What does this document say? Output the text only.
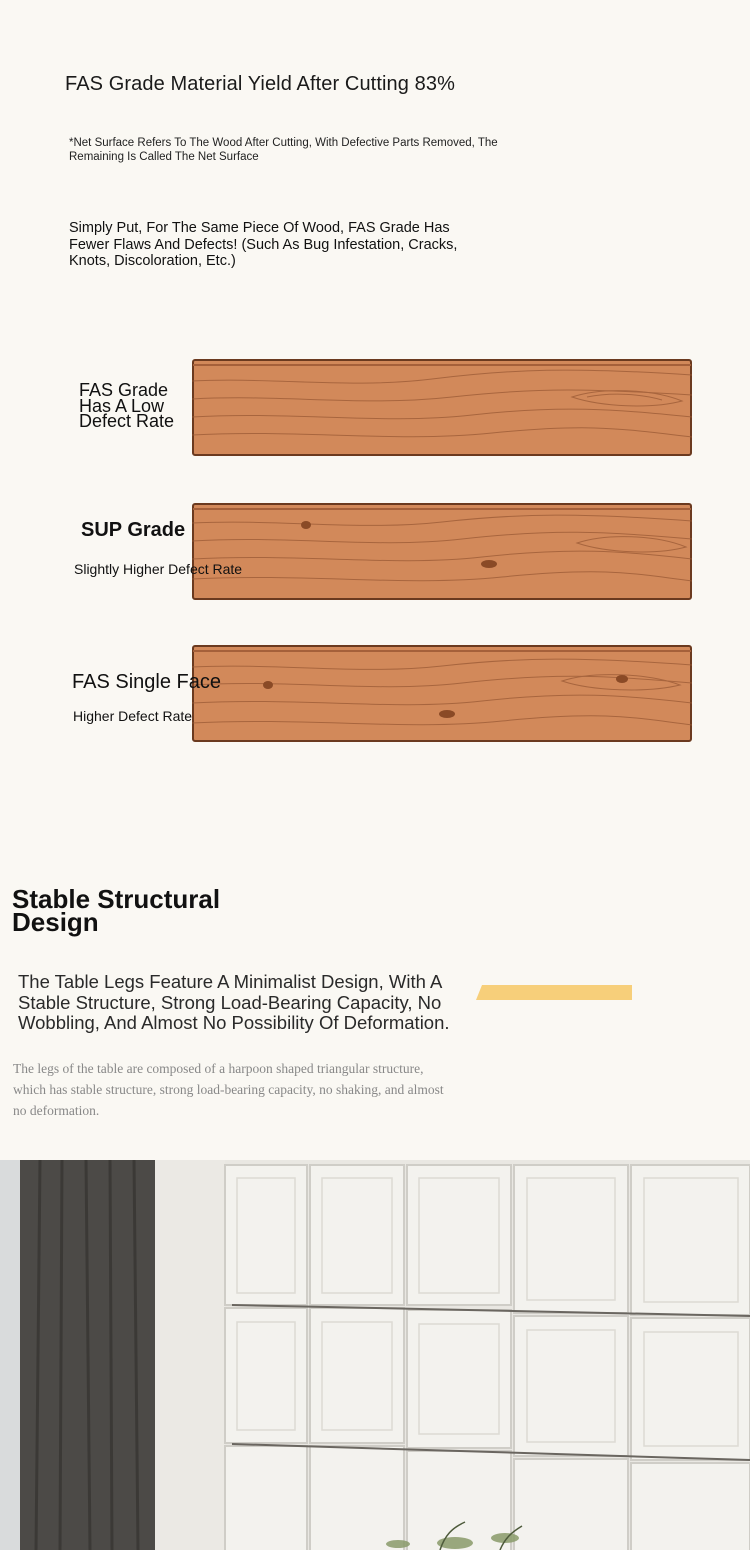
FAS Grade Material Yield After Cutting 83%
*Net Surface Refers To The Wood After Cutting, With Defective Parts Removed, The Remaining Is Called The Net Surface
Simply Put, For The Same Piece Of Wood, FAS Grade Has Fewer Flaws And Defects! (Such As Bug Infestation, Cracks, Knots, Discoloration, Etc.)
FAS Grade Has A Low Defect Rate
SUP Grade
Slightly Higher Defect Rate
FAS Single Face
Higher Defect Rate
Stable Structural Design
The Table Legs Feature A Minimalist Design, With A Stable Structure, Strong Load-Bearing Capacity, No Wobbling, And Almost No Possibility Of Deformation.
The legs of the table are composed of a harpoon shaped triangular structure, which has stable structure, strong load-bearing capacity, no shaking, and almost no deformation.
